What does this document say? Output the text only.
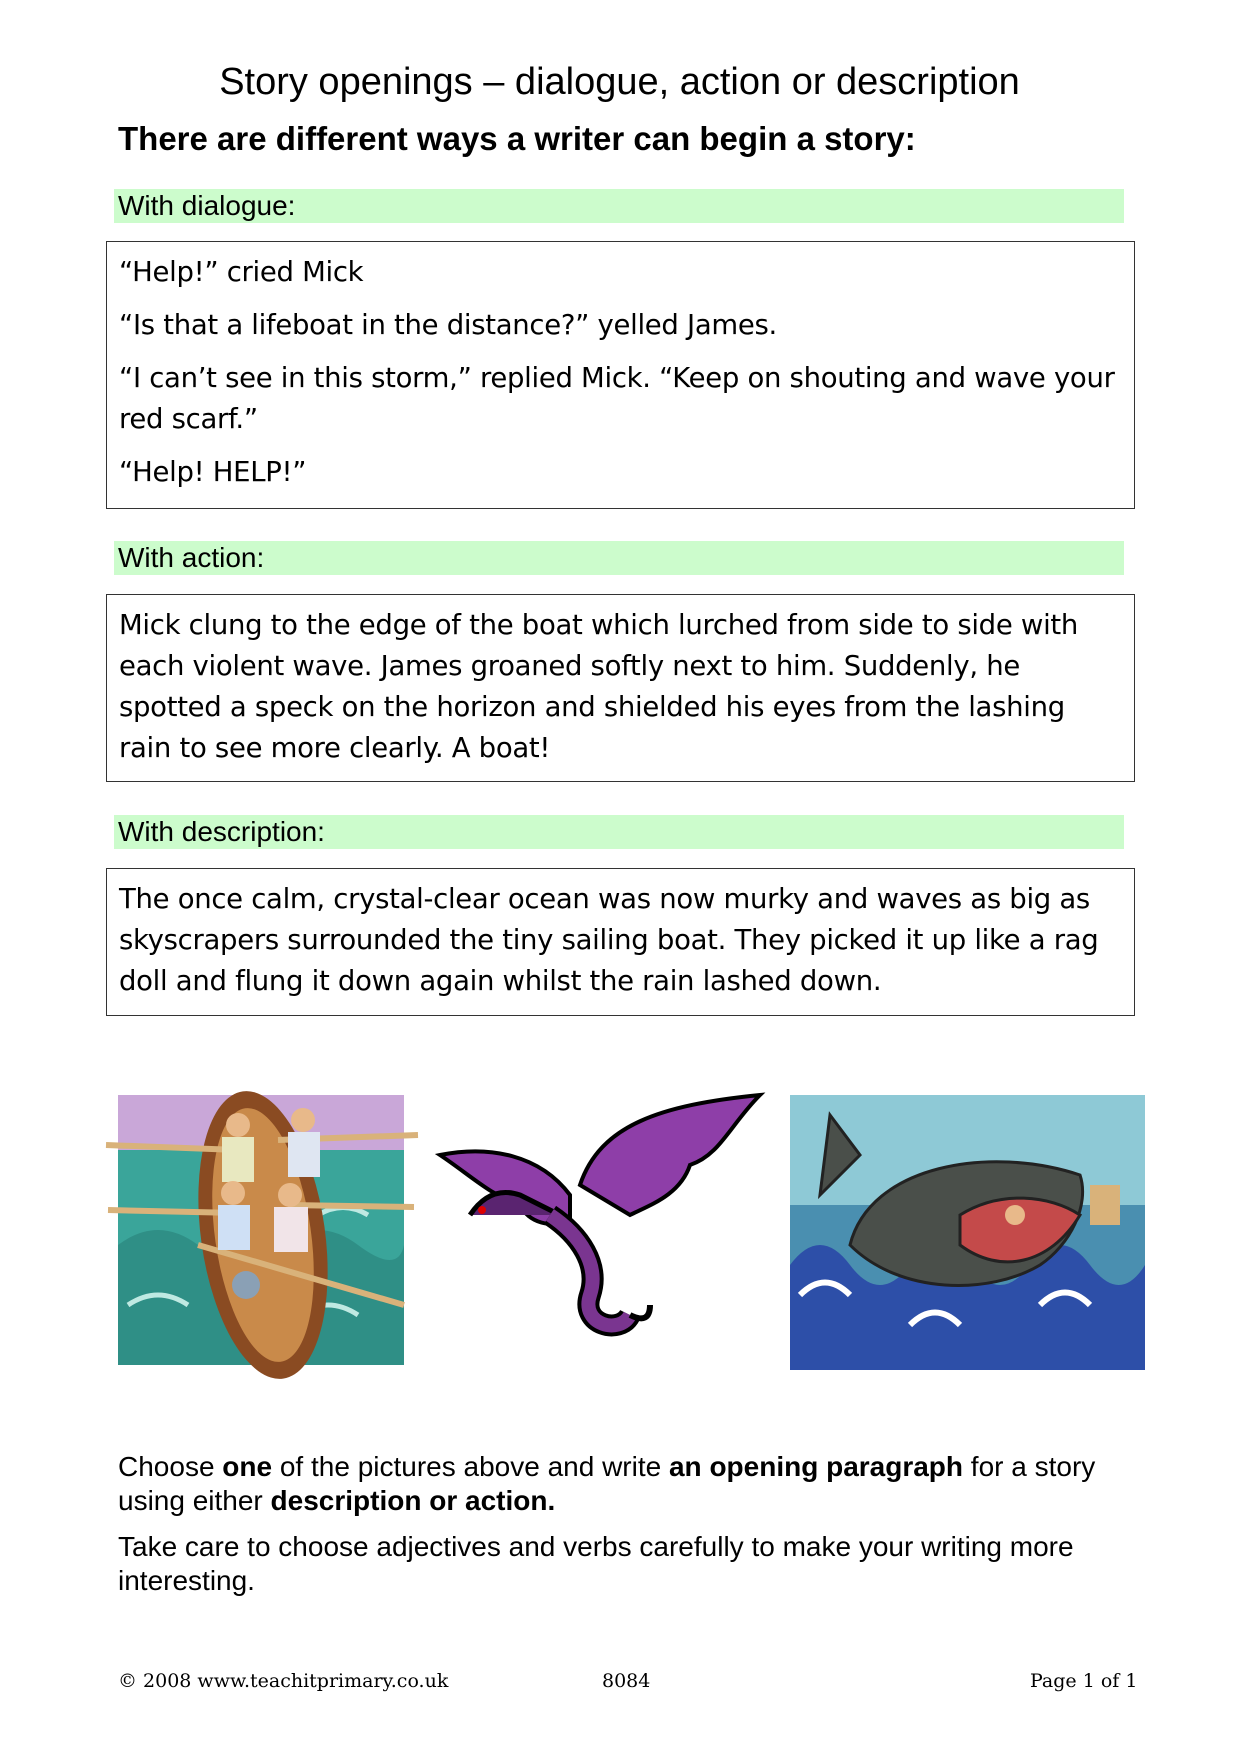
Story openings – dialogue, action or description
There are different ways a writer can begin a story:
With dialogue:

“Help!” cried Mick

“Is that a lifeboat in the distance?” yelled James.

“I can’t see in this storm,” replied Mick. “Keep on shouting and wave your red scarf.”

“Help! HELP!”

With action:

Mick clung to the edge of the boat which lurched from side to side with each violent wave. James groaned softly next to him. Suddenly, he spotted a speck on the horizon and shielded his eyes from the lashing rain to see more clearly. A boat!

With description:

The once calm, crystal-clear ocean was now murky and waves as big as skyscrapers surrounded the tiny sailing boat. They picked it up like a rag doll and flung it down again whilst the rain lashed down.

Choose one of the pictures above and write an opening paragraph for a story using either description or action.
Take care to choose adjectives and verbs carefully to make your writing more interesting.
© 2008 www.teachitprimary.co.uk	8084	Page 1 of 1
